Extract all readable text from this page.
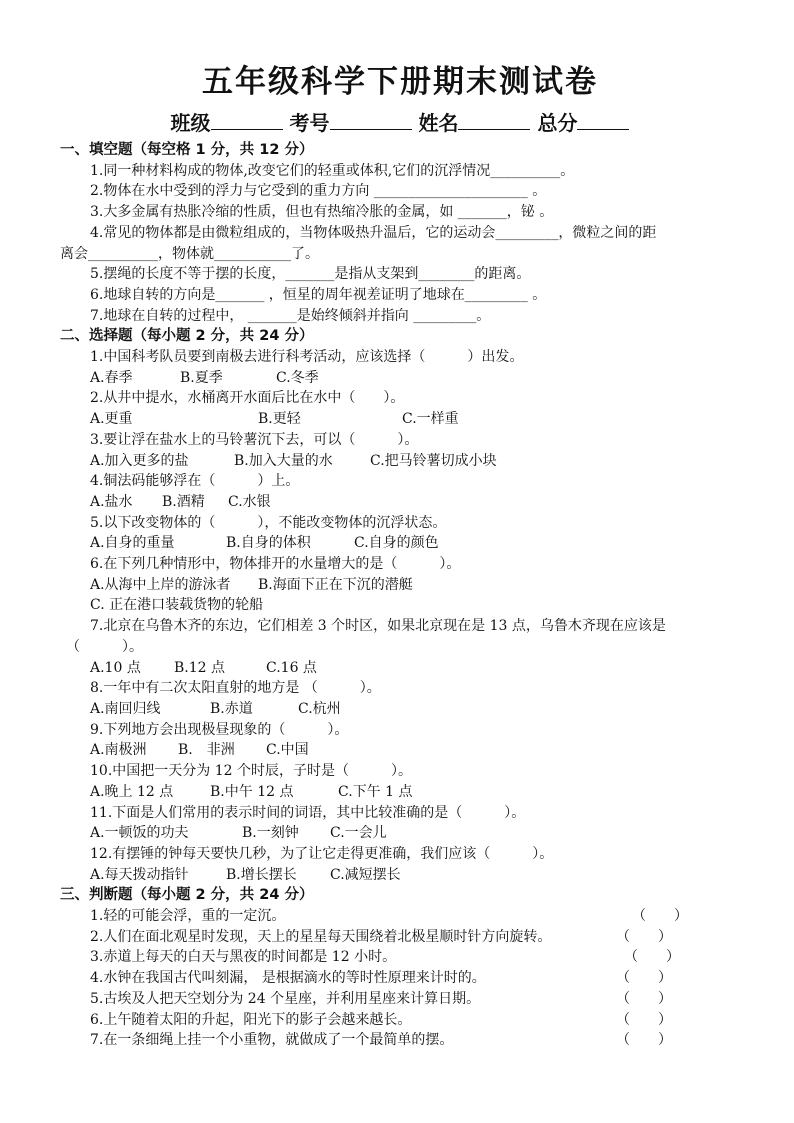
五年级科学下册期末测试卷
班级	考号	姓名	总分

一、填空题（每空格 1 分，共 12 分）

1.同一种材料构成的物体,改变它们的轻重或体积,它们的沉浮情况__________。

2.物体在水中受到的浮力与它受到的重力方向 ______________________ 。

3.大多金属有热胀冷缩的性质，但也有热缩冷胀的金属，如 _______，铋 。

4.常见的物体都是由微粒组成的，当物体吸热升温后，它的运动会_________，微粒之间的距

离会__________，物体就___________了。

5.摆绳的长度不等于摆的长度，_______是指从支架到________的距离。

6.地球自转的方向是_______ ，恒星的周年视差证明了地球在_________ 。

7.地球在自转的过程中， _______是始终倾斜并指向 _________。

二、选择题（每小题 2 分，共 24 分）

1.中国科考队员要到南极去进行科考活动，应该选择（　　　）出发。

A.春季	B.夏季	C.冬季

2.从井中提水，水桶离开水面后比在水中（　　）。

A.更重	B.更轻	C.一样重

3.要让浮在盐水上的马铃薯沉下去，可以（　　　）。

A.加入更多的盐	B.加入大量的水	C.把马铃薯切成小块

4.铜法码能够浮在（　　　）上。

A.盐水 B.酒精 C.水银

5.以下改变物体的（　　　），不能改变物体的沉浮状态。

A.自身的重量	B.自身的体积	C.自身的颜色

6.在下列几种情形中，物体排开的水量增大的是（　　　）。

A.从海中上岸的游泳者 B.海面下正在下沉的潜艇

C. 正在港口装载货物的轮船

7.北京在乌鲁木齐的东边，它们相差 3 个时区，如果北京现在是 13 点，乌鲁木齐现在应该是

（　　　）。

A.10 点 B.12 点	C.16 点

8.一年中有二次太阳直射的地方是 （　　　）。

A.南回归线	B.赤道	C.杭州

9.下列地方会出现极昼现象的（　　　）。

A.南极洲 B.　非洲 C.中国

10.中国把一天分为 12 个时辰，子时是（　　　）。

A.晚上 12 点	B.中午 12 点	C.下午 1 点

11.下面是人们常用的表示时间的词语，其中比较准确的是（　　　）。

A.一顿饭的功夫	B.一刻钟 C.一会儿

12.有摆锤的钟每天要快几秒，为了让它走得更准确，我们应该（　　　）。

A.每天拨动指针	B.增长摆长 C.减短摆长

三、判断题（每小题 2 分，共 24 分）

1.轻的可能会浮，重的一定沉。	（　　）

2.人们在面北观星时发现，天上的星星每天围绕着北极星顺时针方向旋转。	（　　）

3.赤道上每天的白天与黑夜的时间都是 12 小时。	（　　）

4.水钟在我国古代叫刻漏， 是根据滴水的等时性原理来计时的。	（　　）

5.古埃及人把天空划分为 24 个星座，并利用星座来计算日期。	（　　）

6.上午随着太阳的升起，阳光下的影子会越来越长。	（　　）

7.在一条细绳上挂一个小重物，就做成了一个最简单的摆。	（　　）
